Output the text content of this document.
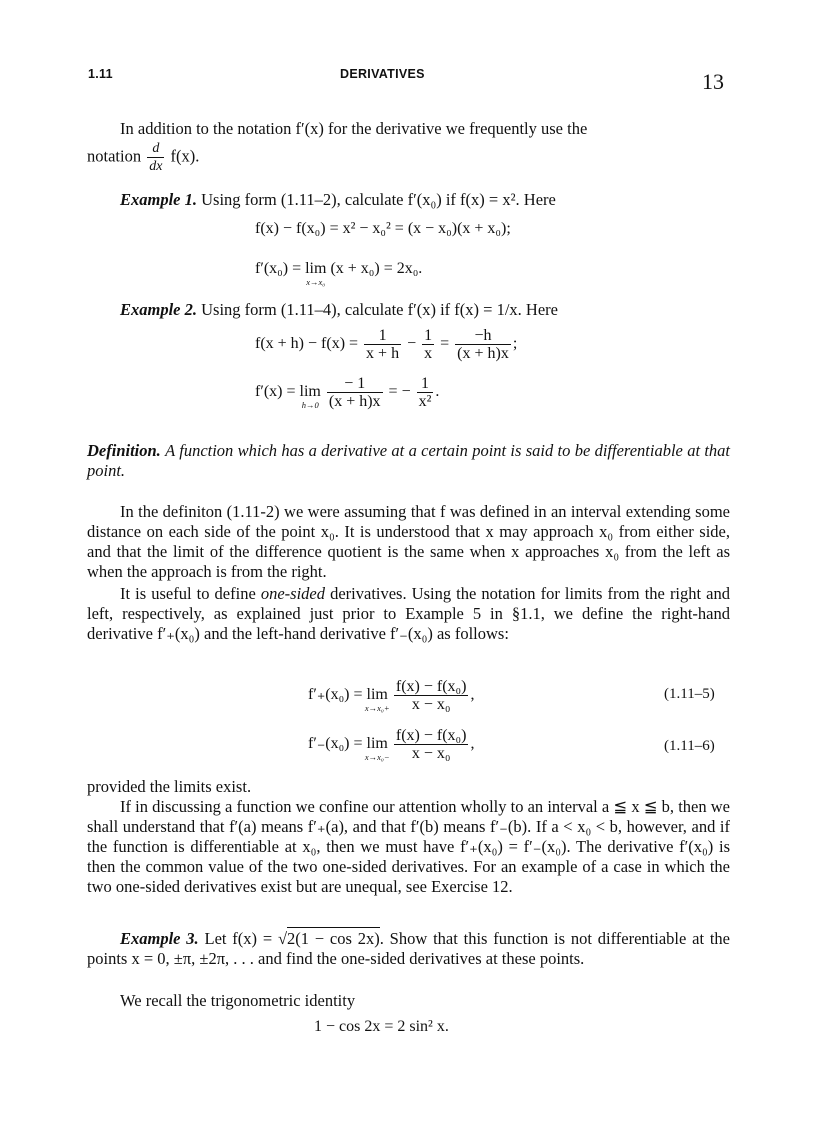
1.11	DERIVATIVES	13
In addition to the notation f′(x) for the derivative we frequently use the
notation $\frac{d}{dx} f(x)$.
Example 1. Using form (1.11–2), calculate f′(x₀) if f(x) = x². Here
f(x) − f(x₀) = x² − x₀² = (x − x₀)(x + x₀);
f′(x₀) = lim
x→x₀
(x + x₀) = 2x₀.
Example 2. Using form (1.11–4), calculate f′(x) if f(x) = 1/x. Here
$f(x + h) - f(x) = \frac{1}{x + h} - \frac{1}{x} = \frac{-h}{(x + h)x}$ ;
f′(x) = lim
h→0
$\frac{- 1}{(x + h)x}$ = − $\frac{1}{\text{x²}}$ .
Definition. A function which has a derivative at a certain point is said to be differentiable at that point.
In the definiton (1.11-2) we were assuming that f was defined in an interval extending some distance on each side of the point x₀. It is understood that x may approach x₀ from either side, and that the limit of the difference quotient is the same when x approaches x₀ from the left as when the approach is from the right.
It is useful to define one-sided derivatives. Using the notation for limits from the right and left, respectively, as explained just prior to Example 5 in §1.1, we define the right-hand derivative f′₊(x₀) and the left-hand derivative f′₋(x₀) as follows:
f′₊(x₀) = lim
x→x₀+
$\frac{\text{f(x) − f(x₀)}}{\text{x − x₀}}$ ,	(1.11–5)
f′₋(x₀) = lim
x→x₀−
$\frac{\text{f(x) − f(x₀)}}{\text{x − x₀}}$ ,	(1.11–6)
provided the limits exist.
If in discussing a function we confine our attention wholly to an interval a ≦ x ≦ b, then we shall understand that f′(a) means f′₊(a), and that f′(b) means f′₋(b). If a < x₀ < b, however, and if the function is differentiable at x₀, then we must have f′₊(x₀) = f′₋(x₀). The derivative f′(x₀) is then the common value of the two one-sided derivatives. For an example of a case in which the two one-sided derivatives exist but are unequal, see Exercise 12.
Example 3. Let f(x) = √2(1 − cos 2x). Show that this function is not differentiable at the points x = 0, ±π, ±2π, . . . and find the one-sided derivatives at these points.
We recall the trigonometric identity
1 − cos 2x = 2 sin² x.
